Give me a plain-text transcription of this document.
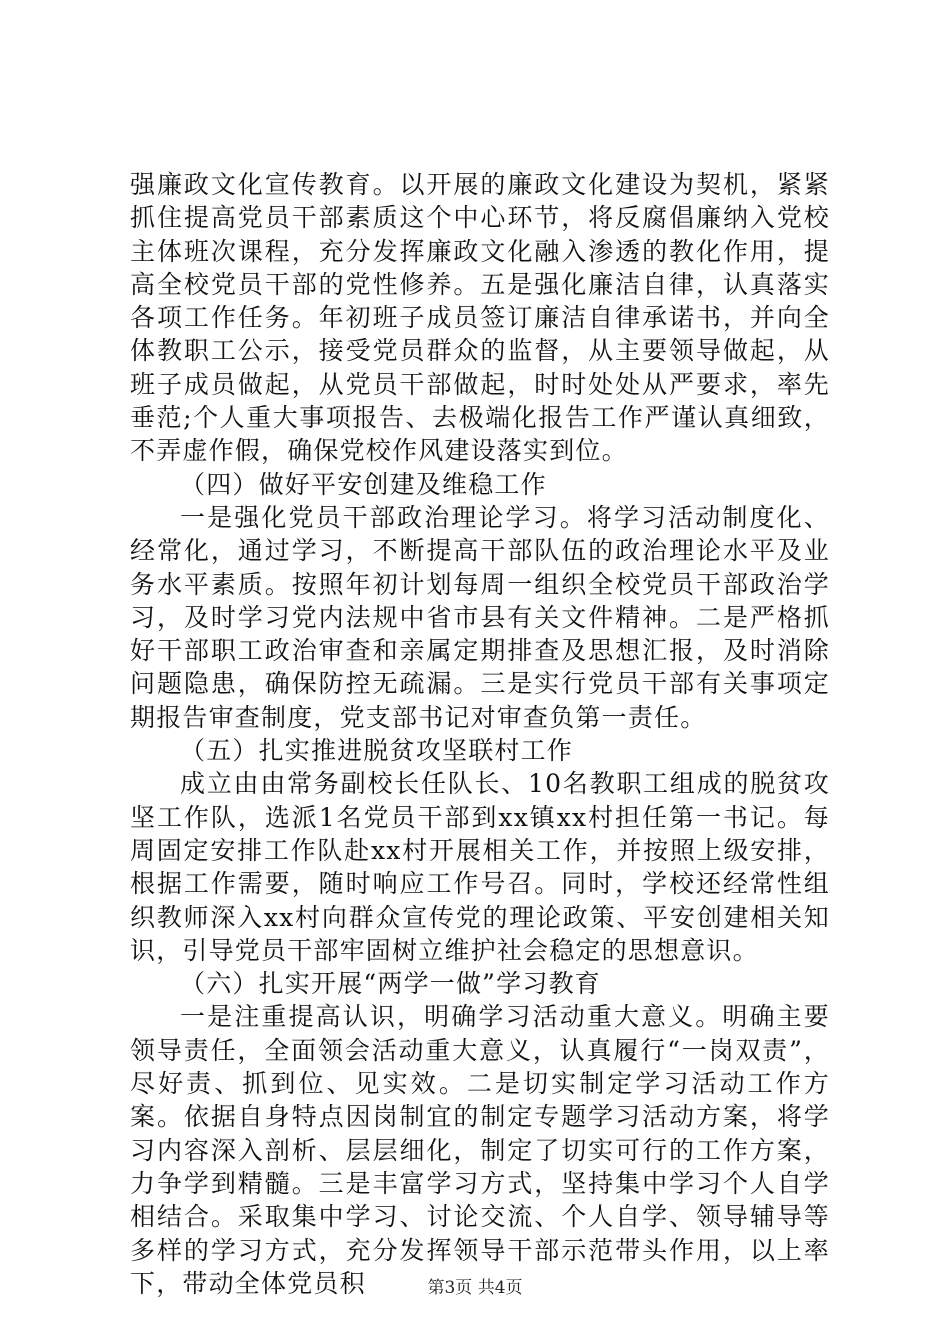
强廉政文化宣传教育。以开展的廉政文化建设为契机，紧紧抓住提高党员干部素质这个中心环节，将反腐倡廉纳入党校主体班次课程，充分发挥廉政文化融入渗透的教化作用，提高全校党员干部的党性修养。五是强化廉洁自律，认真落实各项工作任务。年初班子成员签订廉洁自律承诺书，并向全体教职工公示，接受党员群众的监督，从主要领导做起，从班子成员做起，从党员干部做起，时时处处从严要求，率先垂范;个人重大事项报告、去极端化报告工作严谨认真细致，不弄虚作假，确保党校作风建设落实到位。

（四）做好平安创建及维稳工作

一是强化党员干部政治理论学习。将学习活动制度化、经常化，通过学习，不断提高干部队伍的政治理论水平及业务水平素质。按照年初计划每周一组织全校党员干部政治学习，及时学习党内法规中省市县有关文件精神。二是严格抓好干部职工政治审查和亲属定期排查及思想汇报，及时消除问题隐患，确保防控无疏漏。三是实行党员干部有关事项定期报告审查制度，党支部书记对审查负第一责任。

（五）扎实推进脱贫攻坚联村工作

成立由由常务副校长任队长、10名教职工组成的脱贫攻坚工作队，选派1名党员干部到xx镇xx村担任第一书记。每周固定安排工作队赴xx村开展相关工作，并按照上级安排，根据工作需要，随时响应工作号召。同时，学校还经常性组织教师深入xx村向群众宣传党的理论政策、平安创建相关知识，引导党员干部牢固树立维护社会稳定的思想意识。

（六）扎实开展“两学一做”学习教育

一是注重提高认识，明确学习活动重大意义。明确主要领导责任，全面领会活动重大意义，认真履行“一岗双责”，尽好责、抓到位、见实效。二是切实制定学习活动工作方案。依据自身特点因岗制宜的制定专题学习活动方案，将学习内容深入剖析、层层细化，制定了切实可行的工作方案，力争学到精髓。三是丰富学习方式，坚持集中学习个人自学相结合。采取集中学习、讨论交流、个人自学、领导辅导等多样的学习方式，充分发挥领导干部示范带头作用，以上率下，带动全体党员积	第3页 共4页
